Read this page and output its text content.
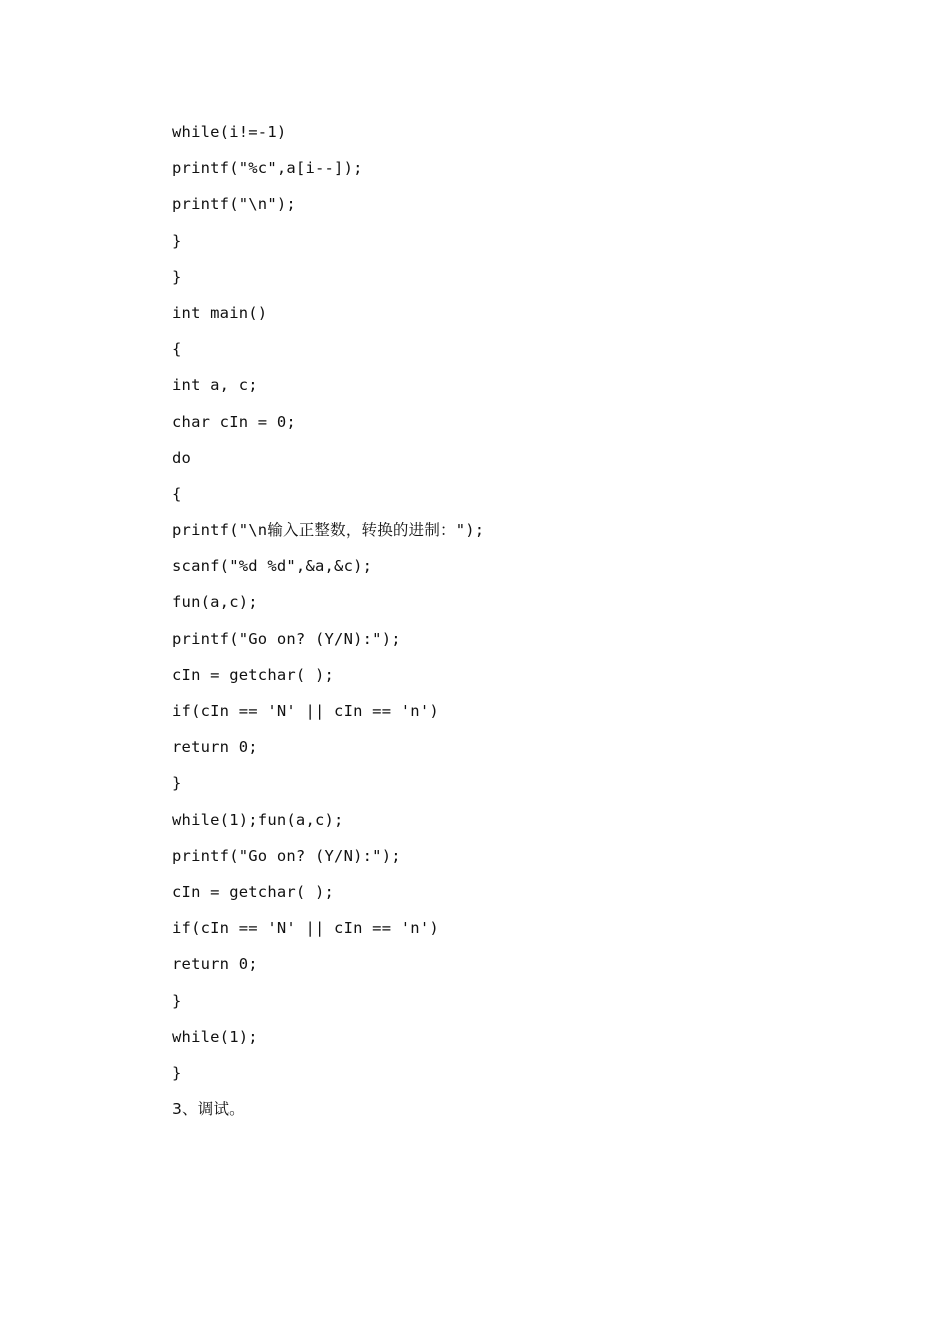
while(i!=-1)
printf("%c",a[i--]);
printf("\n");
}
}
int main()
{
int a, c;
char cIn = 0;
do
{
printf("\n输入正整数，转换的进制：");
scanf("%d %d",&a,&c);
fun(a,c);
printf("Go on? (Y/N):");
cIn = getchar( );
if(cIn == 'N' || cIn == 'n')
return 0;
}
while(1);fun(a,c);
printf("Go on? (Y/N):");
cIn = getchar( );
if(cIn == 'N' || cIn == 'n')
return 0;
}
while(1);
}
3、调试。
